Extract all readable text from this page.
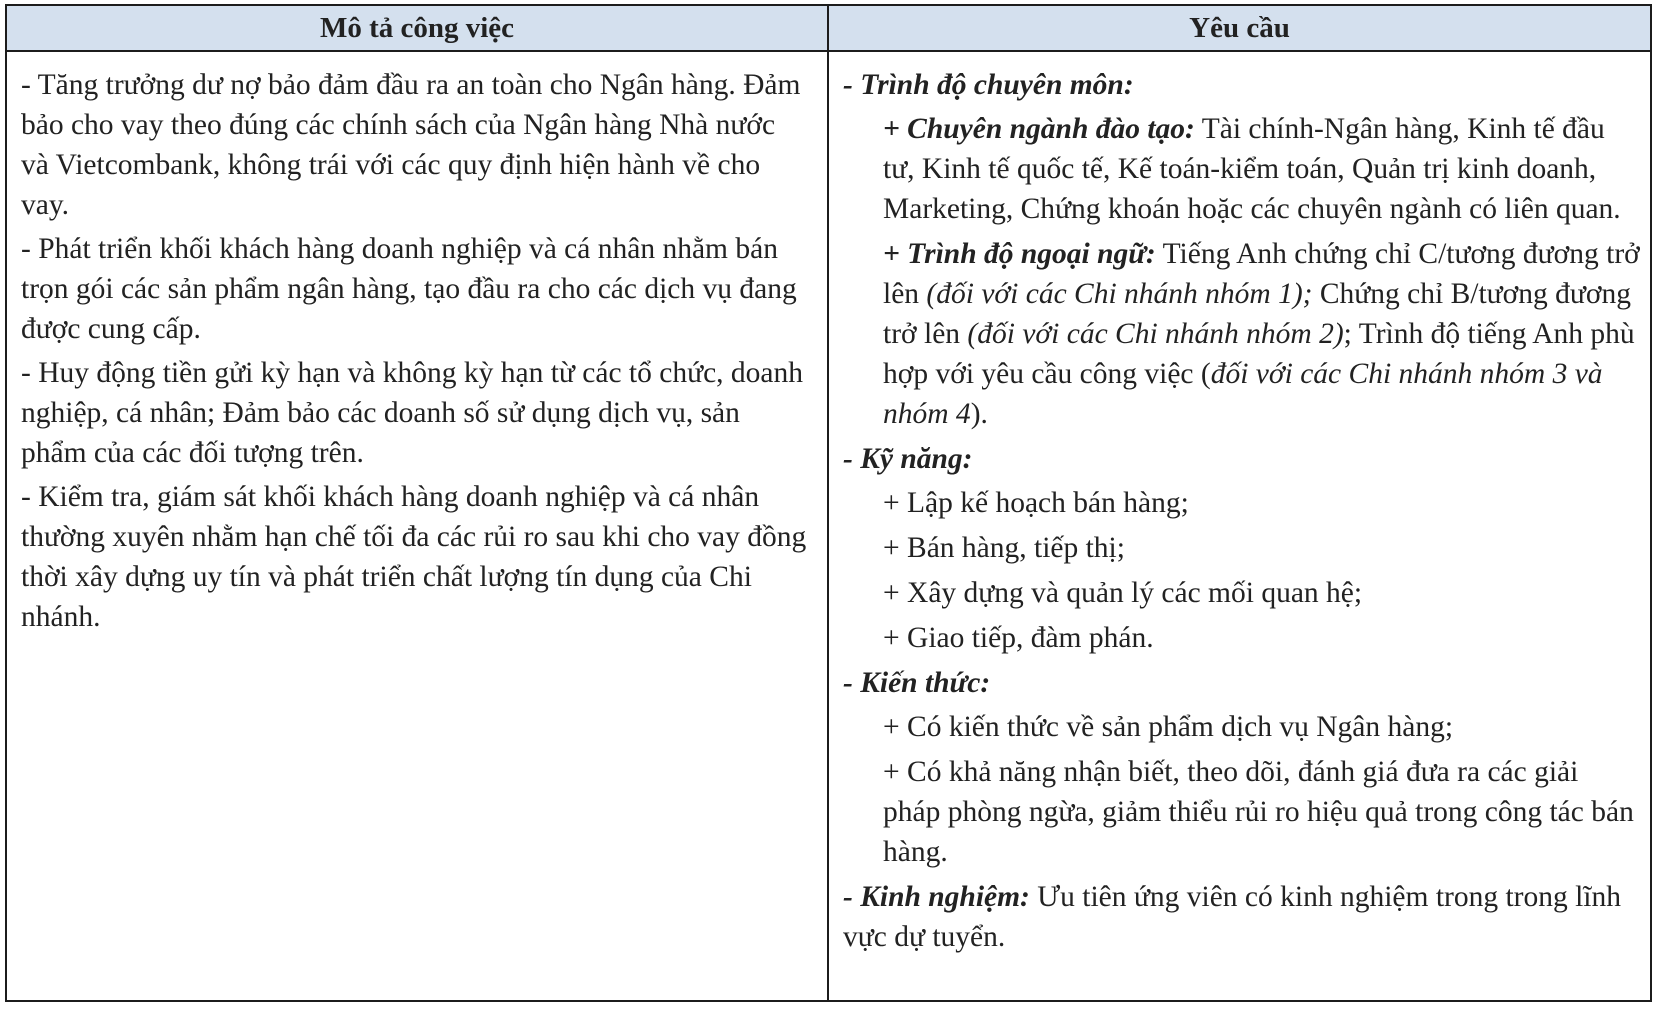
Mô tả công việc	Yêu cầu

- Tăng trưởng dư nợ bảo đảm đầu ra an toàn cho Ngân hàng. Đảm bảo cho vay theo đúng các chính sách của Ngân hàng Nhà nước và Vietcombank, không trái với các quy định hiện hành về cho vay.

- Phát triển khối khách hàng doanh nghiệp và cá nhân nhằm bán trọn gói các sản phẩm ngân hàng, tạo đầu ra cho các dịch vụ đang được cung cấp.

- Huy động tiền gửi kỳ hạn và không kỳ hạn từ các tổ chức, doanh nghiệp, cá nhân; Đảm bảo các doanh số sử dụng dịch vụ, sản phẩm của các đối tượng trên.

- Kiểm tra, giám sát khối khách hàng doanh nghiệp và cá nhân thường xuyên nhằm hạn chế tối đa các rủi ro sau khi cho vay đồng thời xây dựng uy tín và phát triển chất lượng tín dụng của Chi nhánh.

- Trình độ chuyên môn:

+ Chuyên ngành đào tạo: Tài chính-Ngân hàng, Kinh tế đầu tư, Kinh tế quốc tế, Kế toán-kiểm toán, Quản trị kinh doanh, Marketing, Chứng khoán hoặc các chuyên ngành có liên quan.

+ Trình độ ngoại ngữ: Tiếng Anh chứng chỉ C/tương đương trở lên (đối với các Chi nhánh nhóm 1); Chứng chỉ B/tương đương trở lên (đối với các Chi nhánh nhóm 2); Trình độ tiếng Anh phù hợp với yêu cầu công việc (đối với các Chi nhánh nhóm 3 và nhóm 4).

- Kỹ năng:

+ Lập kế hoạch bán hàng;

+ Bán hàng, tiếp thị;

+ Xây dựng và quản lý các mối quan hệ;

+ Giao tiếp, đàm phán.

- Kiến thức:

+ Có kiến thức về sản phẩm dịch vụ Ngân hàng;

+ Có khả năng nhận biết, theo dõi, đánh giá đưa ra các giải pháp phòng ngừa, giảm thiểu rủi ro hiệu quả trong công tác bán hàng.

- Kinh nghiệm: Ưu tiên ứng viên có kinh nghiệm trong trong lĩnh vực dự tuyển.
